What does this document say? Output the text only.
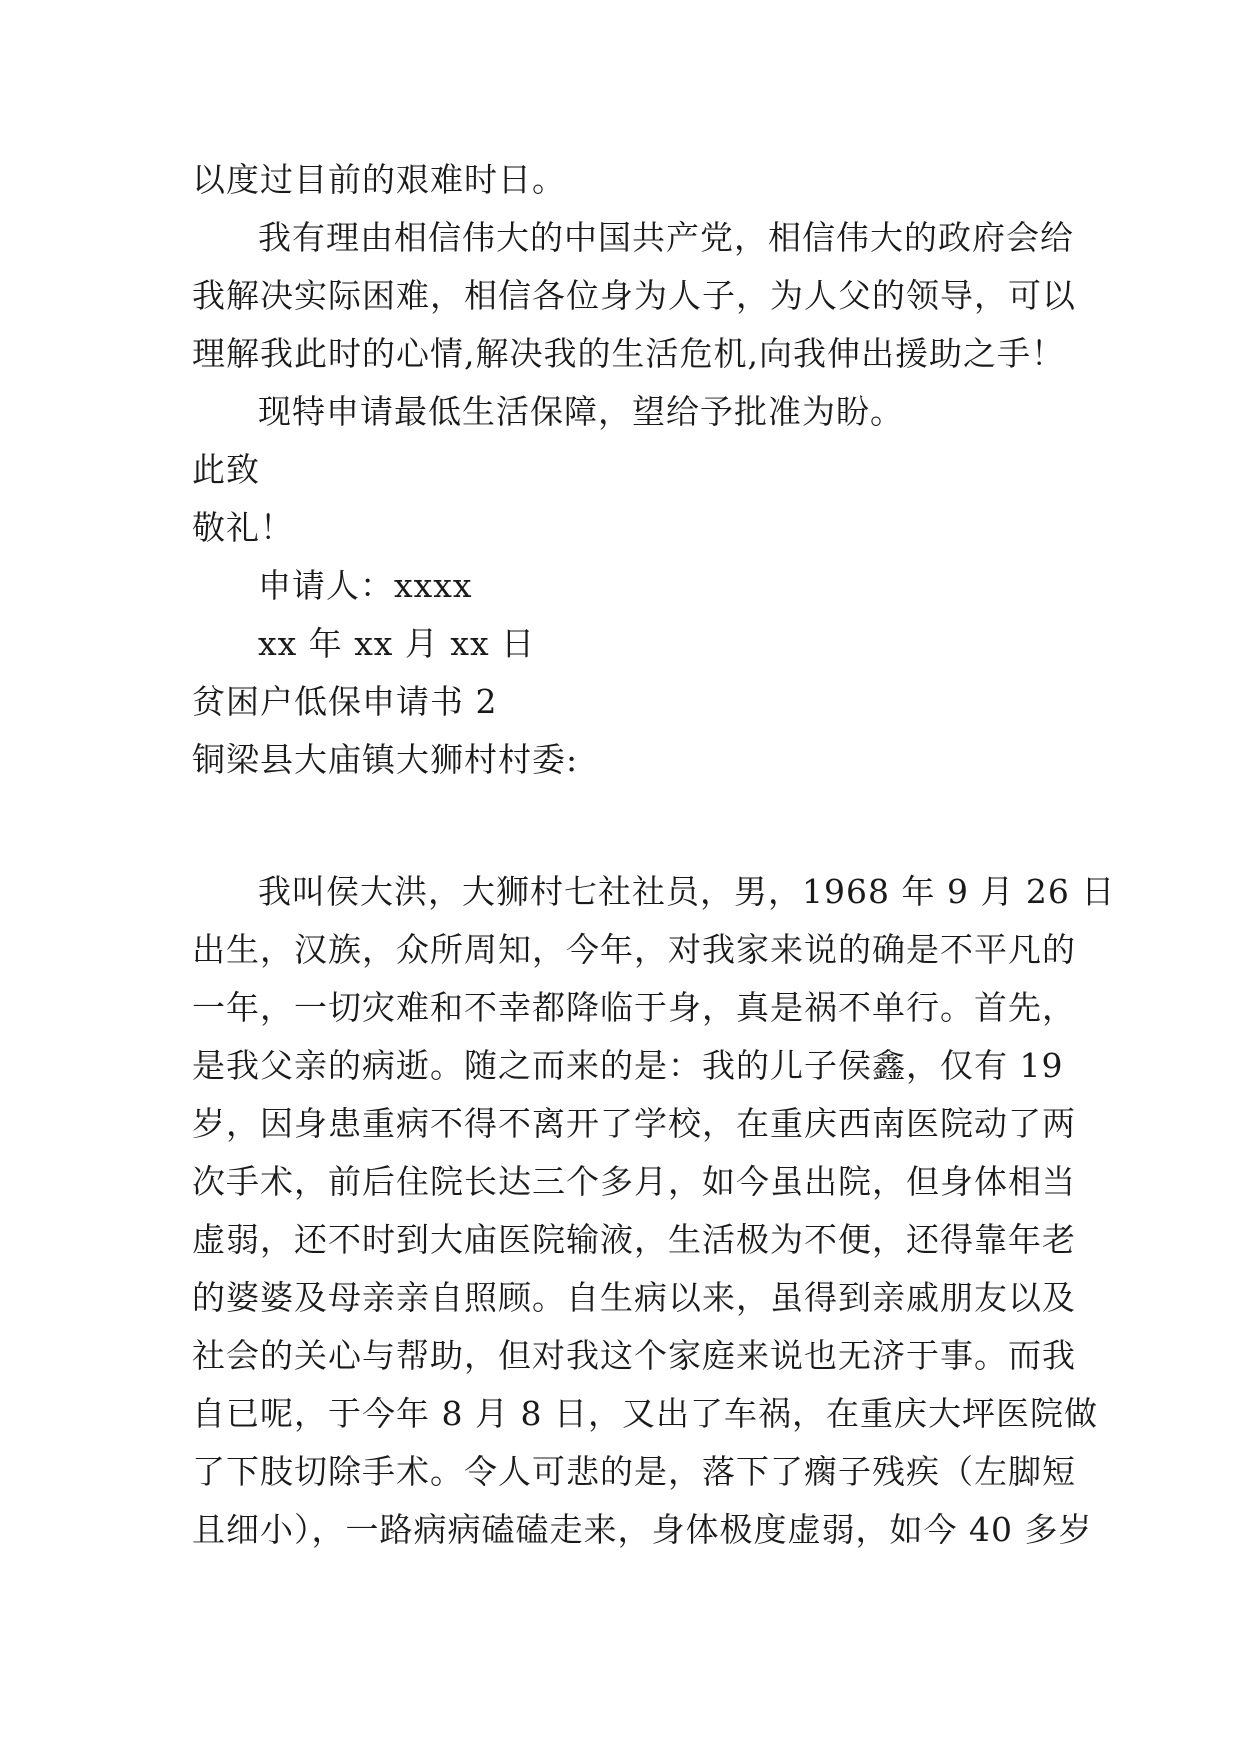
以度过目前的艰难时日。
我有理由相信伟大的中国共产党，相信伟大的政府会给
我解决实际困难，相信各位身为人子，为人父的领导，可以
理解我此时的心情,解决我的生活危机,向我伸出援助之手！
现特申请最低生活保障，望给予批准为盼。
此致
敬礼！
申请人：xxxx
xx 年 xx 月 xx 日
贫困户低保申请书 2
铜梁县大庙镇大狮村村委:
我叫侯大洪，大狮村七社社员，男，1968 年 9 月 26 日
出生，汉族，众所周知，今年，对我家来说的确是不平凡的
一年，一切灾难和不幸都降临于身，真是祸不单行。首先，
是我父亲的病逝。随之而来的是：我的儿子侯鑫，仅有 19
岁，因身患重病不得不离开了学校，在重庆西南医院动了两
次手术，前后住院长达三个多月，如今虽出院，但身体相当
虚弱，还不时到大庙医院输液，生活极为不便，还得靠年老
的婆婆及母亲亲自照顾。自生病以来，虽得到亲戚朋友以及
社会的关心与帮助，但对我这个家庭来说也无济于事。而我
自已呢，于今年 8 月 8 日，又出了车祸，在重庆大坪医院做
了下肢切除手术。令人可悲的是，落下了瘸子残疾（左脚短
且细小），一路病病磕磕走来，身体极度虚弱，如今 40 多岁
